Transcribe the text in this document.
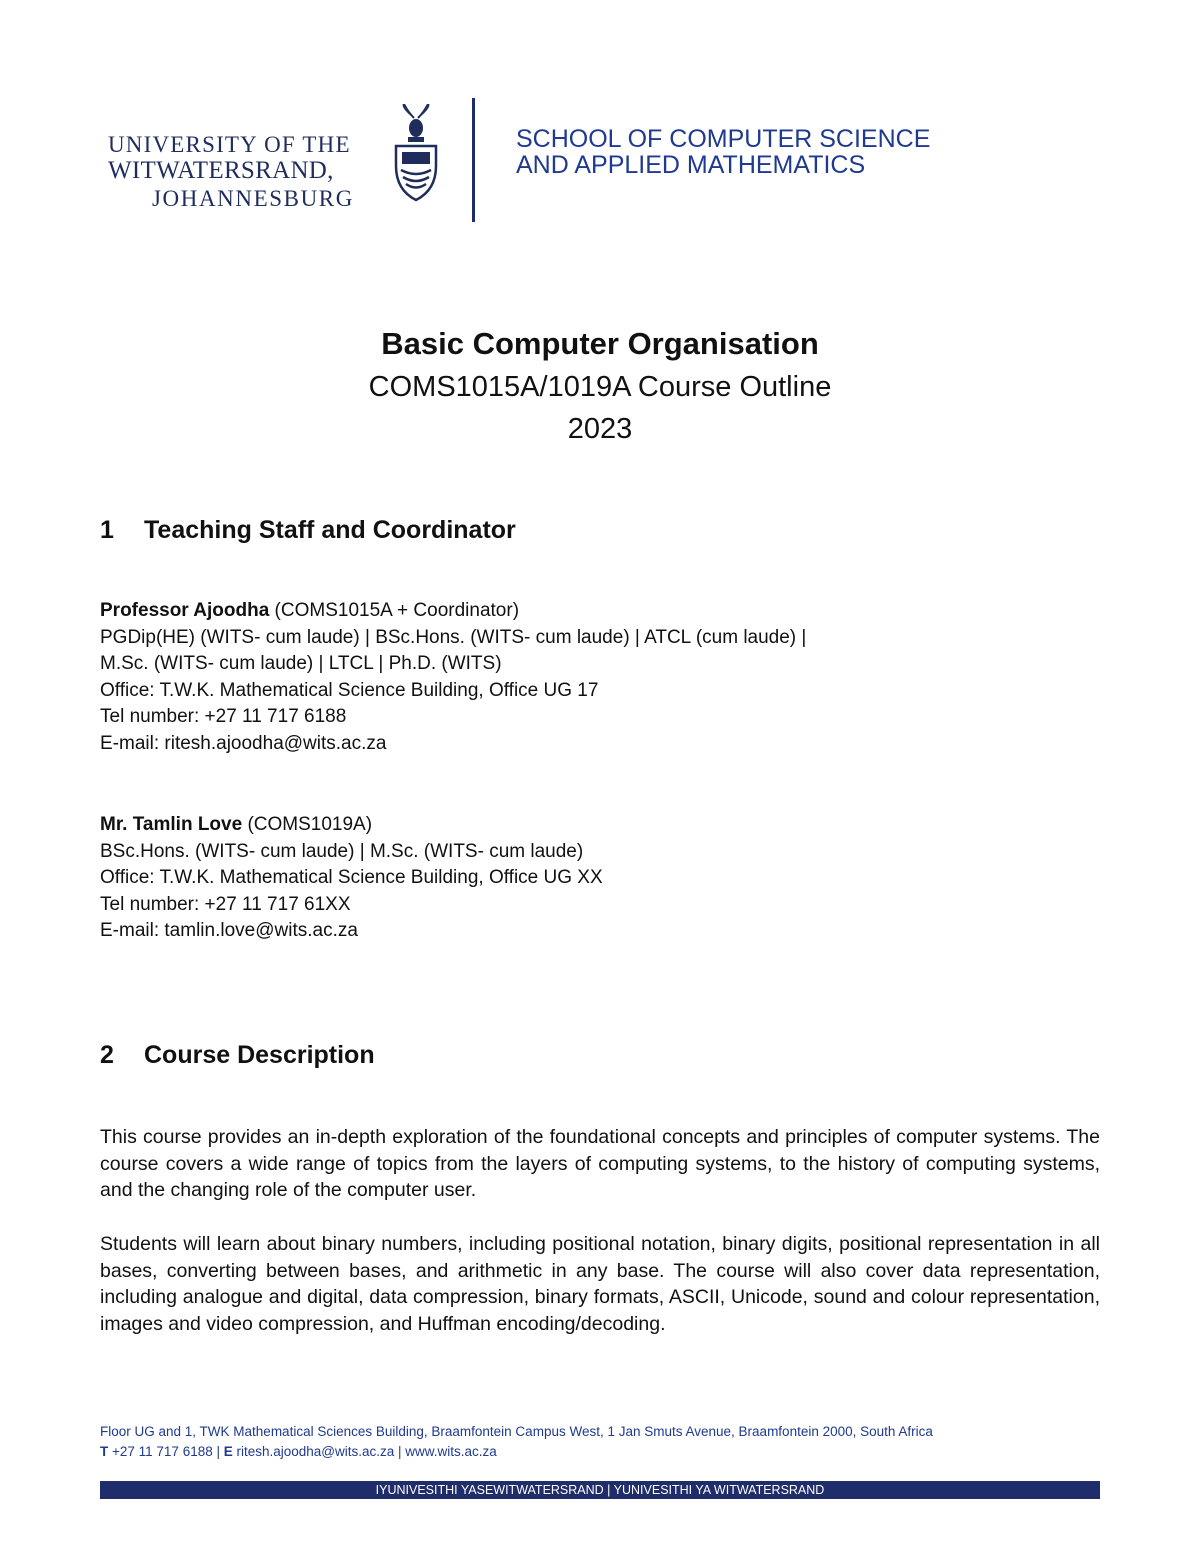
UNIVERSITY OF THE
WITWATERSRAND,
JOHANNESBURG
SCHOOL OF COMPUTER SCIENCE
AND APPLIED MATHEMATICS
Basic Computer Organisation
COMS1015A/1019A Course Outline
2023
1 Teaching Staff and Coordinator
Professor Ajoodha (COMS1015A + Coordinator)
PGDip(HE) (WITS- cum laude) | BSc.Hons. (WITS- cum laude) | ATCL (cum laude) |
M.Sc. (WITS- cum laude) | LTCL | Ph.D. (WITS)
Office: T.W.K. Mathematical Science Building, Office UG 17
Tel number: +27 11 717 6188
E-mail: ritesh.ajoodha@wits.ac.za
Mr. Tamlin Love (COMS1019A)
BSc.Hons. (WITS- cum laude) | M.Sc. (WITS- cum laude)
Office: T.W.K. Mathematical Science Building, Office UG XX
Tel number: +27 11 717 61XX
E-mail: tamlin.love@wits.ac.za
2 Course Description
This course provides an in-depth exploration of the foundational concepts and principles of computer systems. The course covers a wide range of topics from the layers of computing systems, to the history of computing systems, and the changing role of the computer user.
Students will learn about binary numbers, including positional notation, binary digits, positional representation in all bases, converting between bases, and arithmetic in any base. The course will also cover data representation, including analogue and digital, data compression, binary formats, ASCII, Unicode, sound and colour representation, images and video compression, and Huffman encoding/decoding.
Floor UG and 1, TWK Mathematical Sciences Building, Braamfontein Campus West, 1 Jan Smuts Avenue, Braamfontein 2000, South Africa
T +27 11 717 6188 | E ritesh.ajoodha@wits.ac.za | www.wits.ac.za
IYUNIVESITHI YASEWITWATERSRAND | YUNIVESITHI YA WITWATERSRAND
